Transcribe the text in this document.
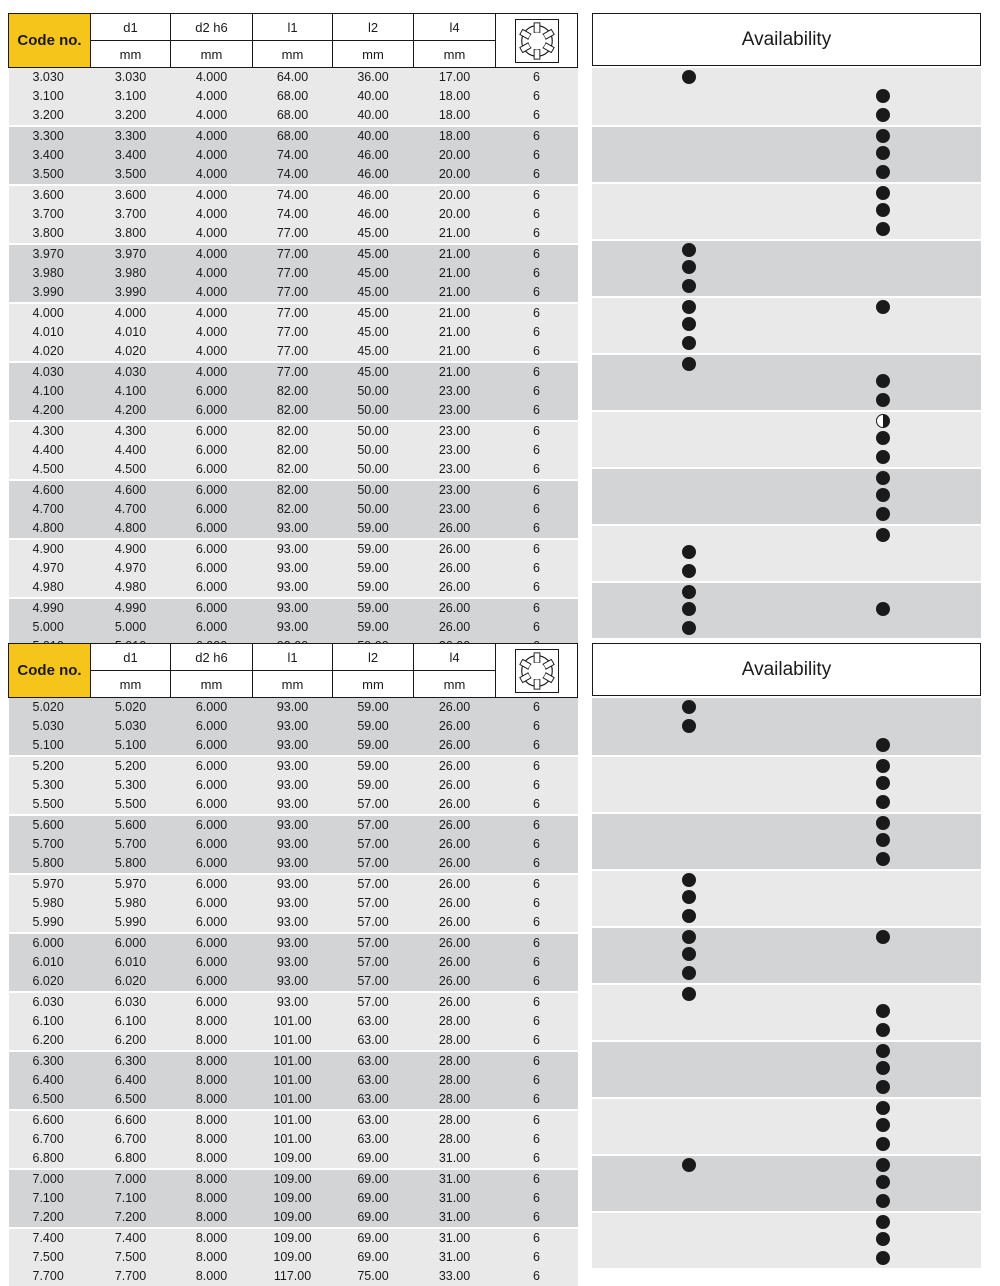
Code no.	d1	d2 h6	l1	l2	l4	

	mm	mm	mm	mm	mm	
3.030	3.030	4.000	64.00	36.00	17.00	6
3.100	3.100	4.000	68.00	40.00	18.00	6
3.200	3.200	4.000	68.00	40.00	18.00	6
3.300	3.300	4.000	68.00	40.00	18.00	6
3.400	3.400	4.000	74.00	46.00	20.00	6
3.500	3.500	4.000	74.00	46.00	20.00	6
3.600	3.600	4.000	74.00	46.00	20.00	6
3.700	3.700	4.000	74.00	46.00	20.00	6
3.800	3.800	4.000	77.00	45.00	21.00	6
3.970	3.970	4.000	77.00	45.00	21.00	6
3.980	3.980	4.000	77.00	45.00	21.00	6
3.990	3.990	4.000	77.00	45.00	21.00	6
4.000	4.000	4.000	77.00	45.00	21.00	6
4.010	4.010	4.000	77.00	45.00	21.00	6
4.020	4.020	4.000	77.00	45.00	21.00	6
4.030	4.030	4.000	77.00	45.00	21.00	6
4.100	4.100	6.000	82.00	50.00	23.00	6
4.200	4.200	6.000	82.00	50.00	23.00	6
4.300	4.300	6.000	82.00	50.00	23.00	6
4.400	4.400	6.000	82.00	50.00	23.00	6
4.500	4.500	6.000	82.00	50.00	23.00	6
4.600	4.600	6.000	82.00	50.00	23.00	6
4.700	4.700	6.000	82.00	50.00	23.00	6
4.800	4.800	6.000	93.00	59.00	26.00	6
4.900	4.900	6.000	93.00	59.00	26.00	6
4.970	4.970	6.000	93.00	59.00	26.00	6
4.980	4.980	6.000	93.00	59.00	26.00	6
4.990	4.990	6.000	93.00	59.00	26.00	6
5.000	5.000	6.000	93.00	59.00	26.00	6

Availability
Code no.	d1	d2 h6	l1	l2	l4	

	mm	mm	mm	mm	mm	
5.020	5.020	6.000	93.00	59.00	26.00	6
5.030	5.030	6.000	93.00	59.00	26.00	6
5.100	5.100	6.000	93.00	59.00	26.00	6
5.200	5.200	6.000	93.00	59.00	26.00	6
5.300	5.300	6.000	93.00	59.00	26.00	6
5.500	5.500	6.000	93.00	57.00	26.00	6
5.600	5.600	6.000	93.00	57.00	26.00	6
5.700	5.700	6.000	93.00	57.00	26.00	6
5.800	5.800	6.000	93.00	57.00	26.00	6
5.970	5.970	6.000	93.00	57.00	26.00	6
5.980	5.980	6.000	93.00	57.00	26.00	6
5.990	5.990	6.000	93.00	57.00	26.00	6
6.000	6.000	6.000	93.00	57.00	26.00	6
6.010	6.010	6.000	93.00	57.00	26.00	6
6.020	6.020	6.000	93.00	57.00	26.00	6
6.030	6.030	6.000	93.00	57.00	26.00	6
6.100	6.100	8.000	101.00	63.00	28.00	6
6.200	6.200	8.000	101.00	63.00	28.00	6
6.300	6.300	8.000	101.00	63.00	28.00	6
6.400	6.400	8.000	101.00	63.00	28.00	6
6.500	6.500	8.000	101.00	63.00	28.00	6
6.600	6.600	8.000	101.00	63.00	28.00	6
6.700	6.700	8.000	101.00	63.00	28.00	6
6.800	6.800	8.000	109.00	69.00	31.00	6
7.000	7.000	8.000	109.00	69.00	31.00	6
7.100	7.100	8.000	109.00	69.00	31.00	6
7.200	7.200	8.000	109.00	69.00	31.00	6
7.400	7.400	8.000	109.00	69.00	31.00	6
7.500	7.500	8.000	109.00	69.00	31.00	6
7.700	7.700	8.000	117.00	75.00	33.00	6
Availability
